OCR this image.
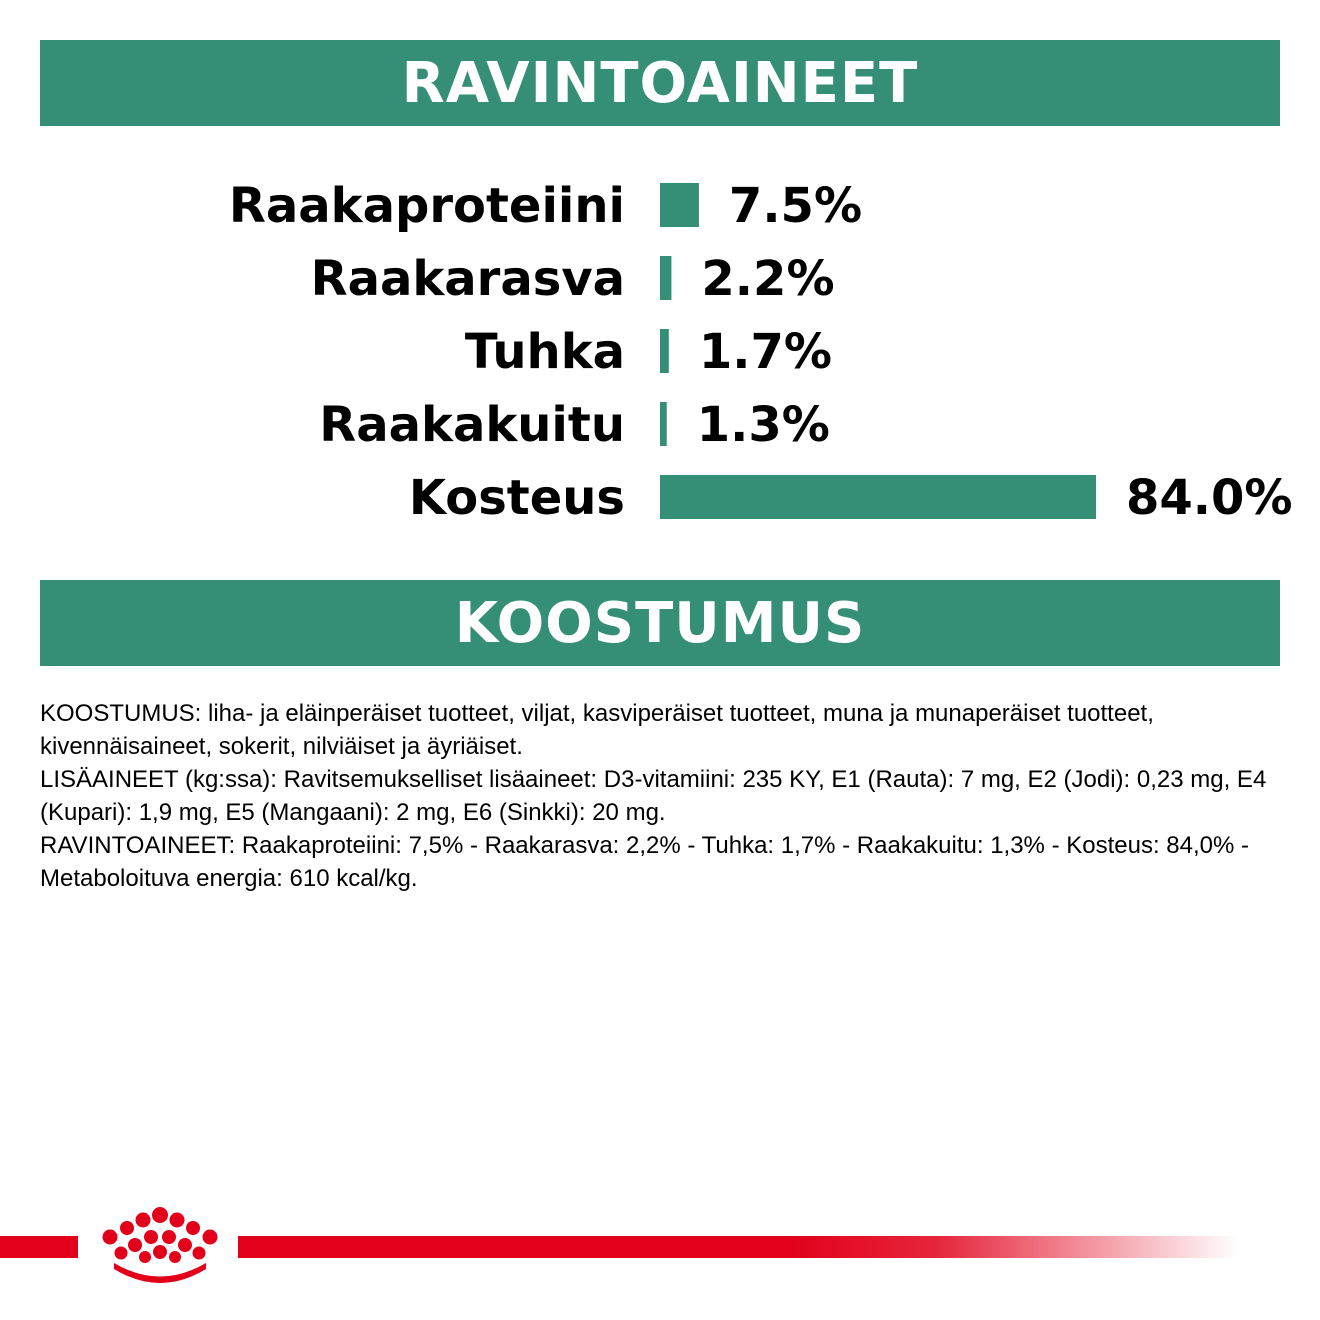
RAVINTOAINEET
Raakaproteiini 7.5%
Raakarasva 2.2%
Tuhka 1.7%
Raakakuitu 1.3%
Kosteus	84.0%
KOOSTUMUS

KOOSTUMUS: liha- ja eläinperäiset tuotteet, viljat, kasviperäiset tuotteet, muna ja munaperäiset tuotteet, kivennäisaineet, sokerit, nilviäiset ja äyriäiset.

LISÄAINEET (kg:ssa): Ravitsemukselliset lisäaineet: D3-vitamiini: 235 KY, E1 (Rauta): 7 mg, E2 (Jodi): 0,23 mg, E4 (Kupari): 1,9 mg, E5 (Mangaani): 2 mg, E6 (Sinkki): 20 mg.

RAVINTOAINEET: Raakaproteiini: 7,5% - Raakarasva: 2,2% - Tuhka: 1,7% - Raakakuitu: 1,3% - Kosteus: 84,0% - Metaboloituva energia: 610 kcal/kg.
